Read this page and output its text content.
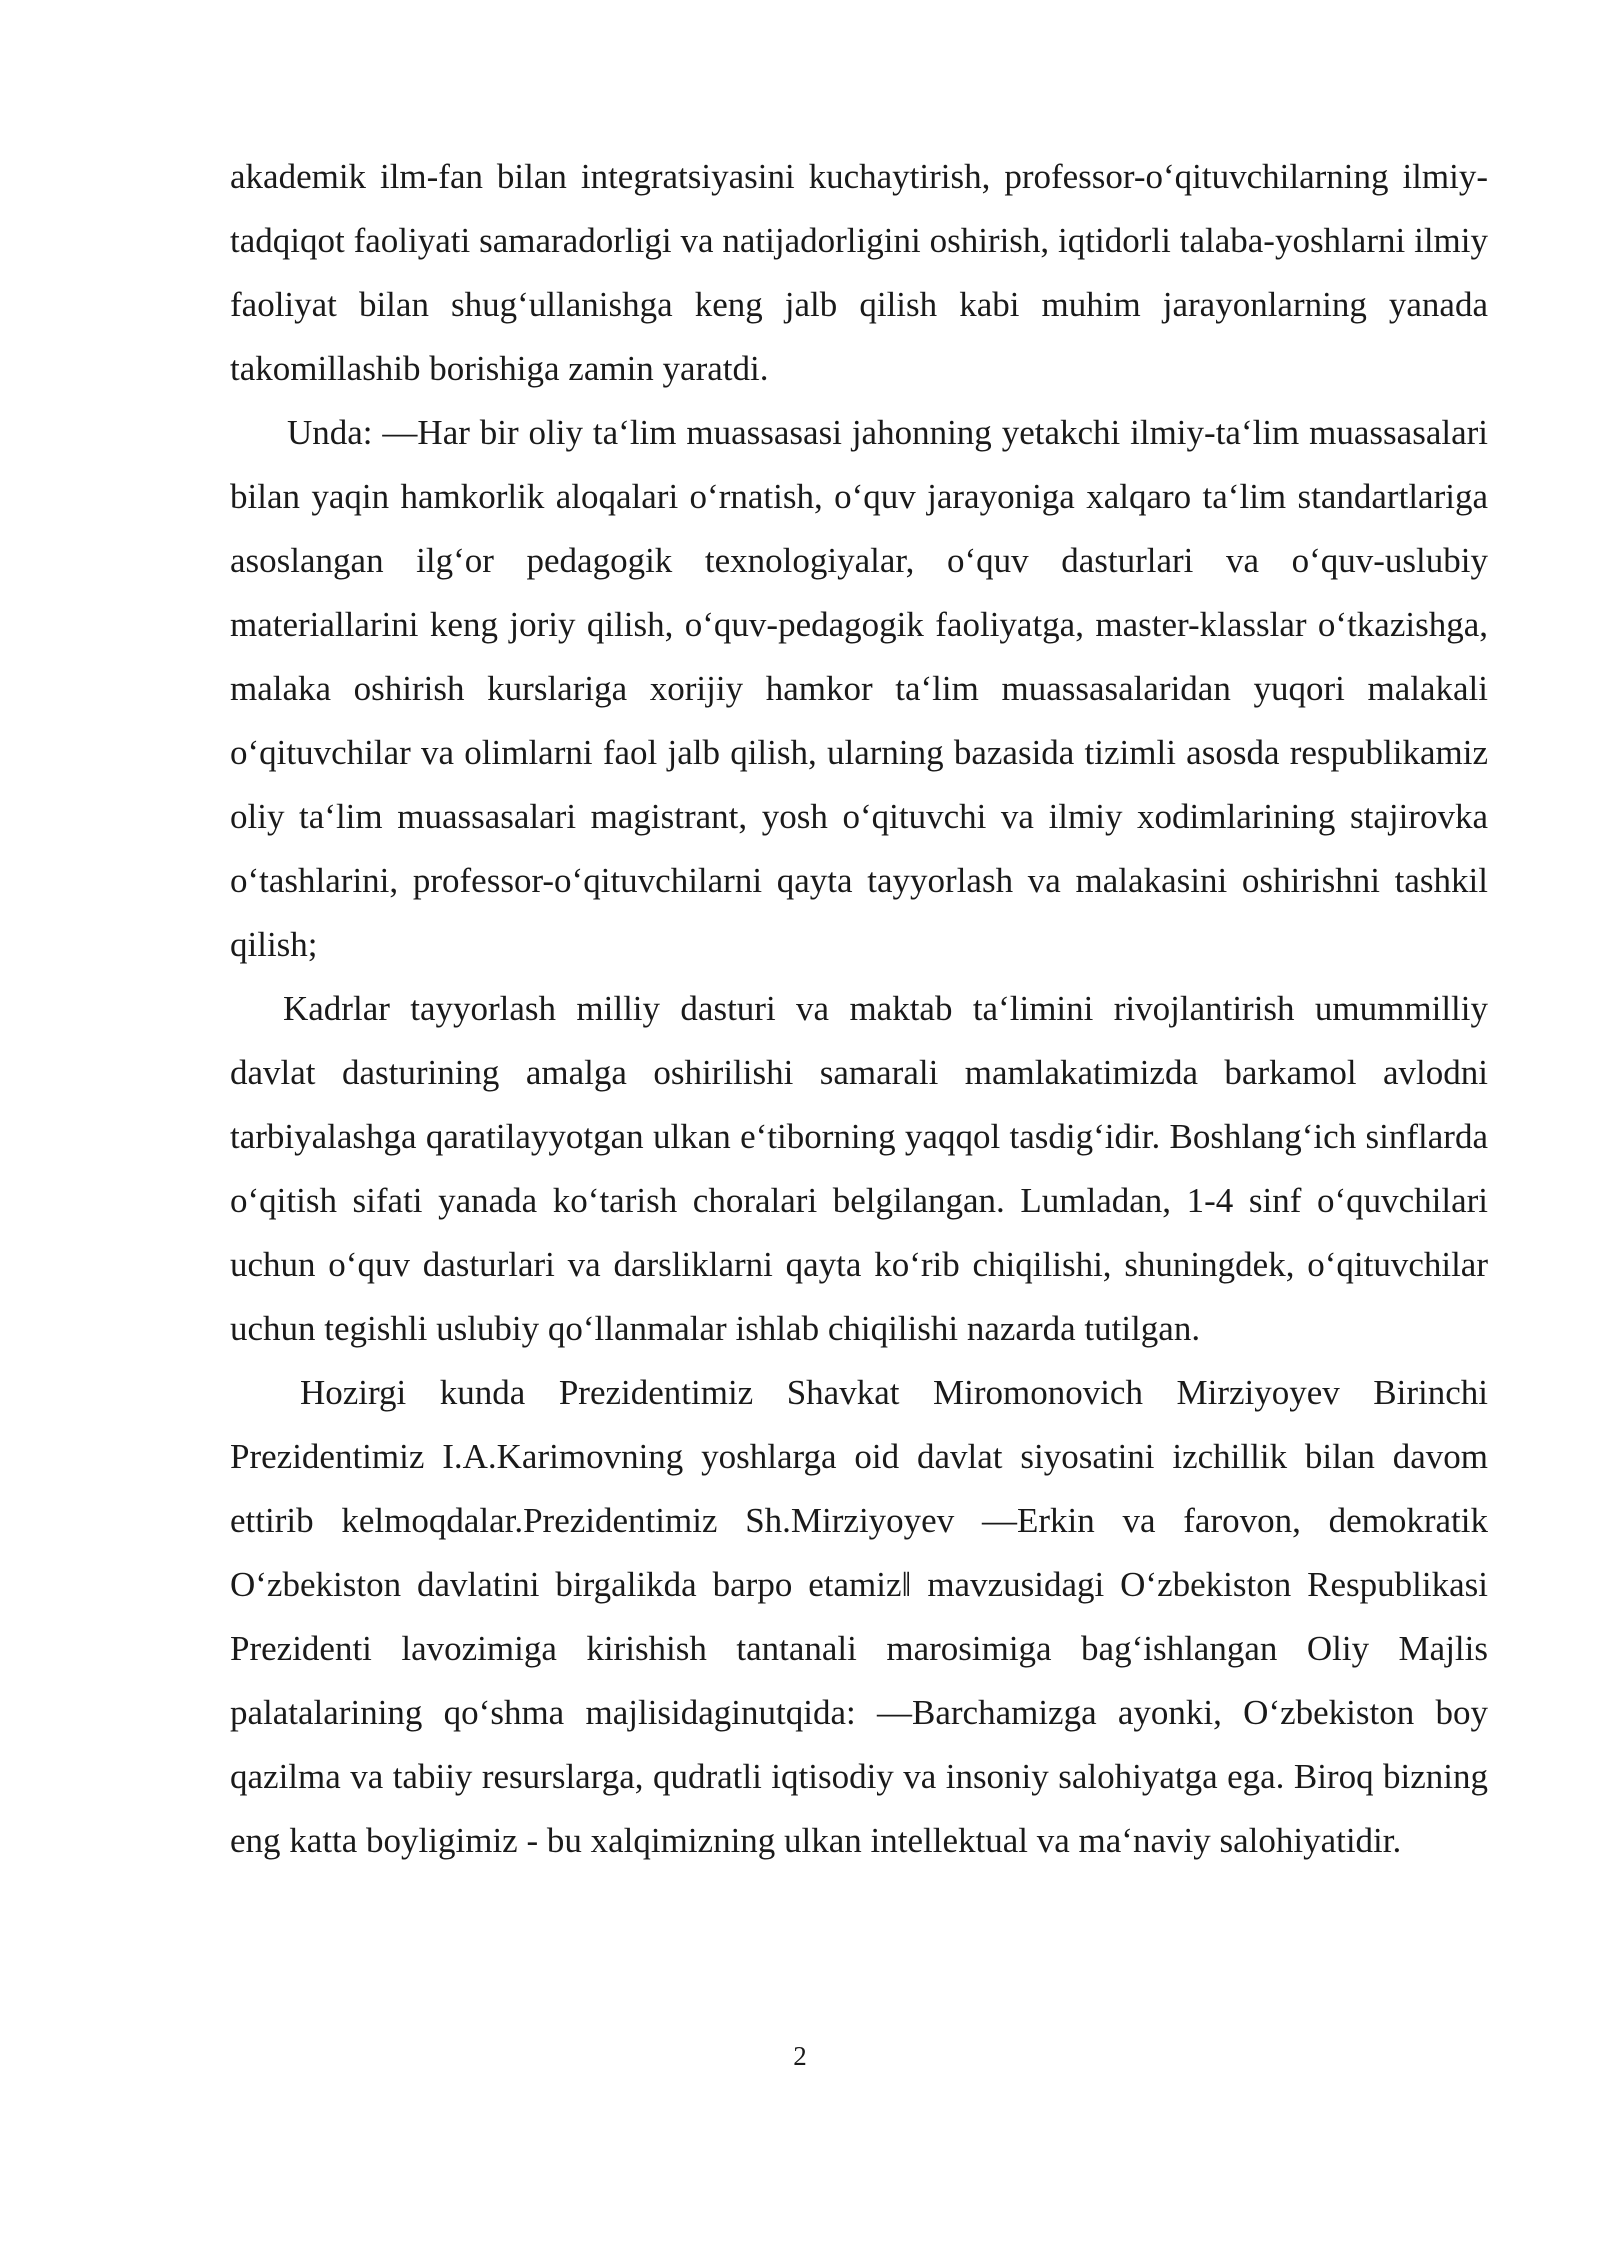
akademik ilm-fan bilan integratsiyasini kuchaytirish, professor-o‘qituvchilarning ilmiy-tadqiqot faoliyati samaradorligi va natijadorligini oshirish, iqtidorli talaba-yoshlarni ilmiy faoliyat bilan shug‘ullanishga keng jalb qilish kabi muhim jarayonlarning yanada takomillashib borishiga zamin yaratdi.

Unda: ―Har bir oliy ta‘lim muassasasi jahonning yetakchi ilmiy-ta‘lim muassasalari bilan yaqin hamkorlik aloqalari o‘rnatish, o‘quv jarayoniga xalqaro ta‘lim standartlariga asoslangan ilg‘or pedagogik texnologiyalar, o‘quv dasturlari va o‘quv-uslubiy materiallarini keng joriy qilish, o‘quv-pedagogik faoliyatga, master-klasslar o‘tkazishga, malaka oshirish kurslariga xorijiy hamkor ta‘lim muassasalaridan yuqori malakali o‘qituvchilar va olimlarni faol jalb qilish, ularning bazasida tizimli asosda respublikamiz oliy ta‘lim muassasalari magistrant, yosh o‘qituvchi va ilmiy xodimlarining stajirovka o‘tashlarini, professor-o‘qituvchilarni qayta tayyorlash va malakasini oshirishni tashkil qilish;

Kadrlar tayyorlash milliy dasturi va maktab ta‘limini rivojlantirish umummilliy davlat dasturining amalga oshirilishi samarali mamlakatimizda barkamol avlodni tarbiyalashga qaratilayyotgan ulkan e‘tiborning yaqqol tasdig‘idir. Boshlang‘ich sinflarda o‘qitish sifati yanada ko‘tarish choralari belgilangan. Lumladan, 1-4 sinf o‘quvchilari uchun o‘quv dasturlari va darsliklarni qayta ko‘rib chiqilishi, shuningdek, o‘qituvchilar uchun tegishli uslubiy qo‘llanmalar ishlab chiqilishi nazarda tutilgan.

Hozirgi kunda Prezidentimiz Shavkat Miromonovich Mirziyoyev Birinchi Prezidentimiz I.A.Karimovning yoshlarga oid davlat siyosatini izchillik bilan davom ettirib kelmoqdalar.Prezidentimiz Sh.Mirziyoyev ―Erkin va farovon, demokratik O‘zbekiston davlatini birgalikda barpo etamiz‖ mavzusidagi O‘zbekiston Respublikasi Prezidenti lavozimiga kirishish tantanali marosimiga bag‘ishlangan Oliy Majlis palatalarining qo‘shma majlisidaginutqida: ―Barchamizga ayonki, O‘zbekiston boy qazilma va tabiiy resurslarga, qudratli iqtisodiy va insoniy salohiyatga ega. Biroq bizning eng katta boyligimiz - bu xalqimizning ulkan intellektual va ma‘naviy salohiyatidir.

2
